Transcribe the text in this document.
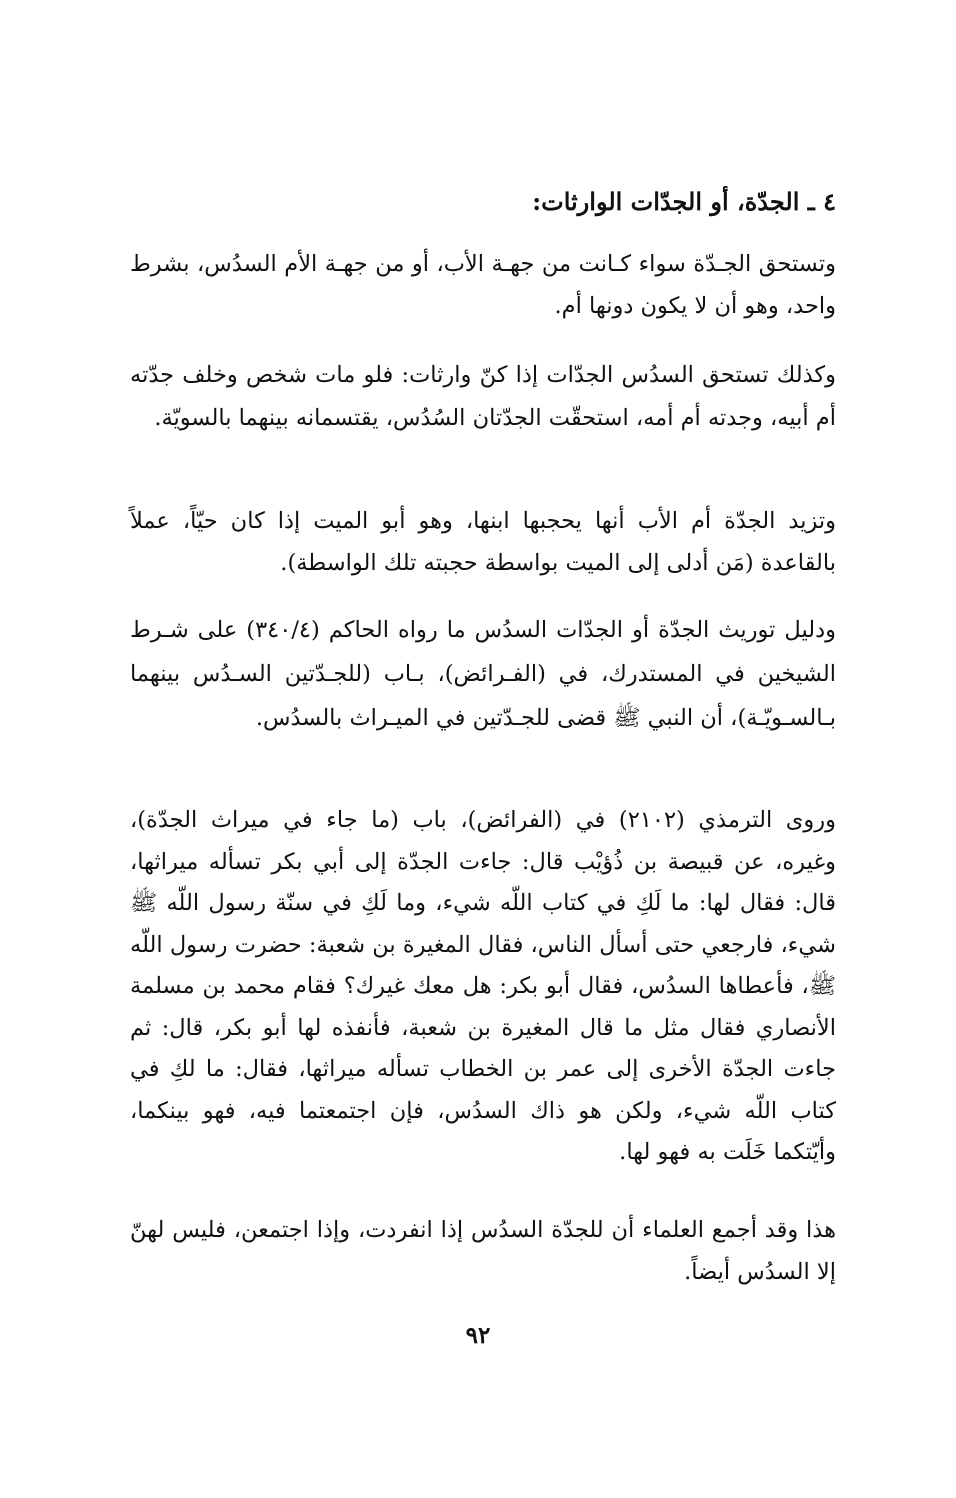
٤ ـ الجدّة، أو الجدّات الوارثات:

وتستحق الجـدّة سواء كـانت من جهـة الأب، أو من جهـة الأم السدُس، بشرط واحد، وهو أن لا يكون دونها أم.

وكذلك تستحق السدُس الجدّات إذا كنّ وارثات: فلو مات شخص وخلف جدّته أم أبيه، وجدته أم أمه، استحقّت الجدّتان السُدُس، يقتسمانه بينهما بالسويّة.

وتزيد الجدّة أم الأب أنها يحجبها ابنها، وهو أبو الميت إذا كان حيّاً، عملاً بالقاعدة (مَن أدلى إلى الميت بواسطة حجبته تلك الواسطة).

ودليل توريث الجدّة أو الجدّات السدُس ما رواه الحاكم (٣٤٠/٤) على شـرط الشيخين في المستدرك، في (الفـرائض)، بـاب (للجـدّتين السـدُس بينهما بـالسـويّـة)، أن النبي ﷺ قضى للجـدّتين في الميـراث بالسدُس.

وروى الترمذي (٢١٠٢) في (الفرائض)، باب (ما جاء في ميراث الجدّة)، وغيره، عن قبيصة بن ذُؤيْب قال: جاءت الجدّة إلى أبي بكر تسأله ميراثها، قال: فقال لها: ما لَكِ في كتاب اللّه شيء، وما لَكِ في سنّة رسول اللّه ﷺ شيء، فارجعي حتى أسأل الناس، فقال المغيرة بن شعبة: حضرت رسول اللّه ﷺ، فأعطاها السدُس، فقال أبو بكر: هل معك غيرك؟ فقام محمد بن مسلمة الأنصاري فقال مثل ما قال المغيرة بن شعبة، فأنفذه لها أبو بكر، قال: ثم جاءت الجدّة الأخرى إلى عمر بن الخطاب تسأله ميراثها، فقال: ما لكِ في كتاب اللّه شيء، ولكن هو ذاك السدُس، فإن اجتمعتما فيه، فهو بينكما، وأيّتكما خَلَت به فهو لها.

هذا وقد أجمع العلماء أن للجدّة السدُس إذا انفردت، وإذا اجتمعن، فليس لهنّ إلا السدُس أيضاً.

٩٢
